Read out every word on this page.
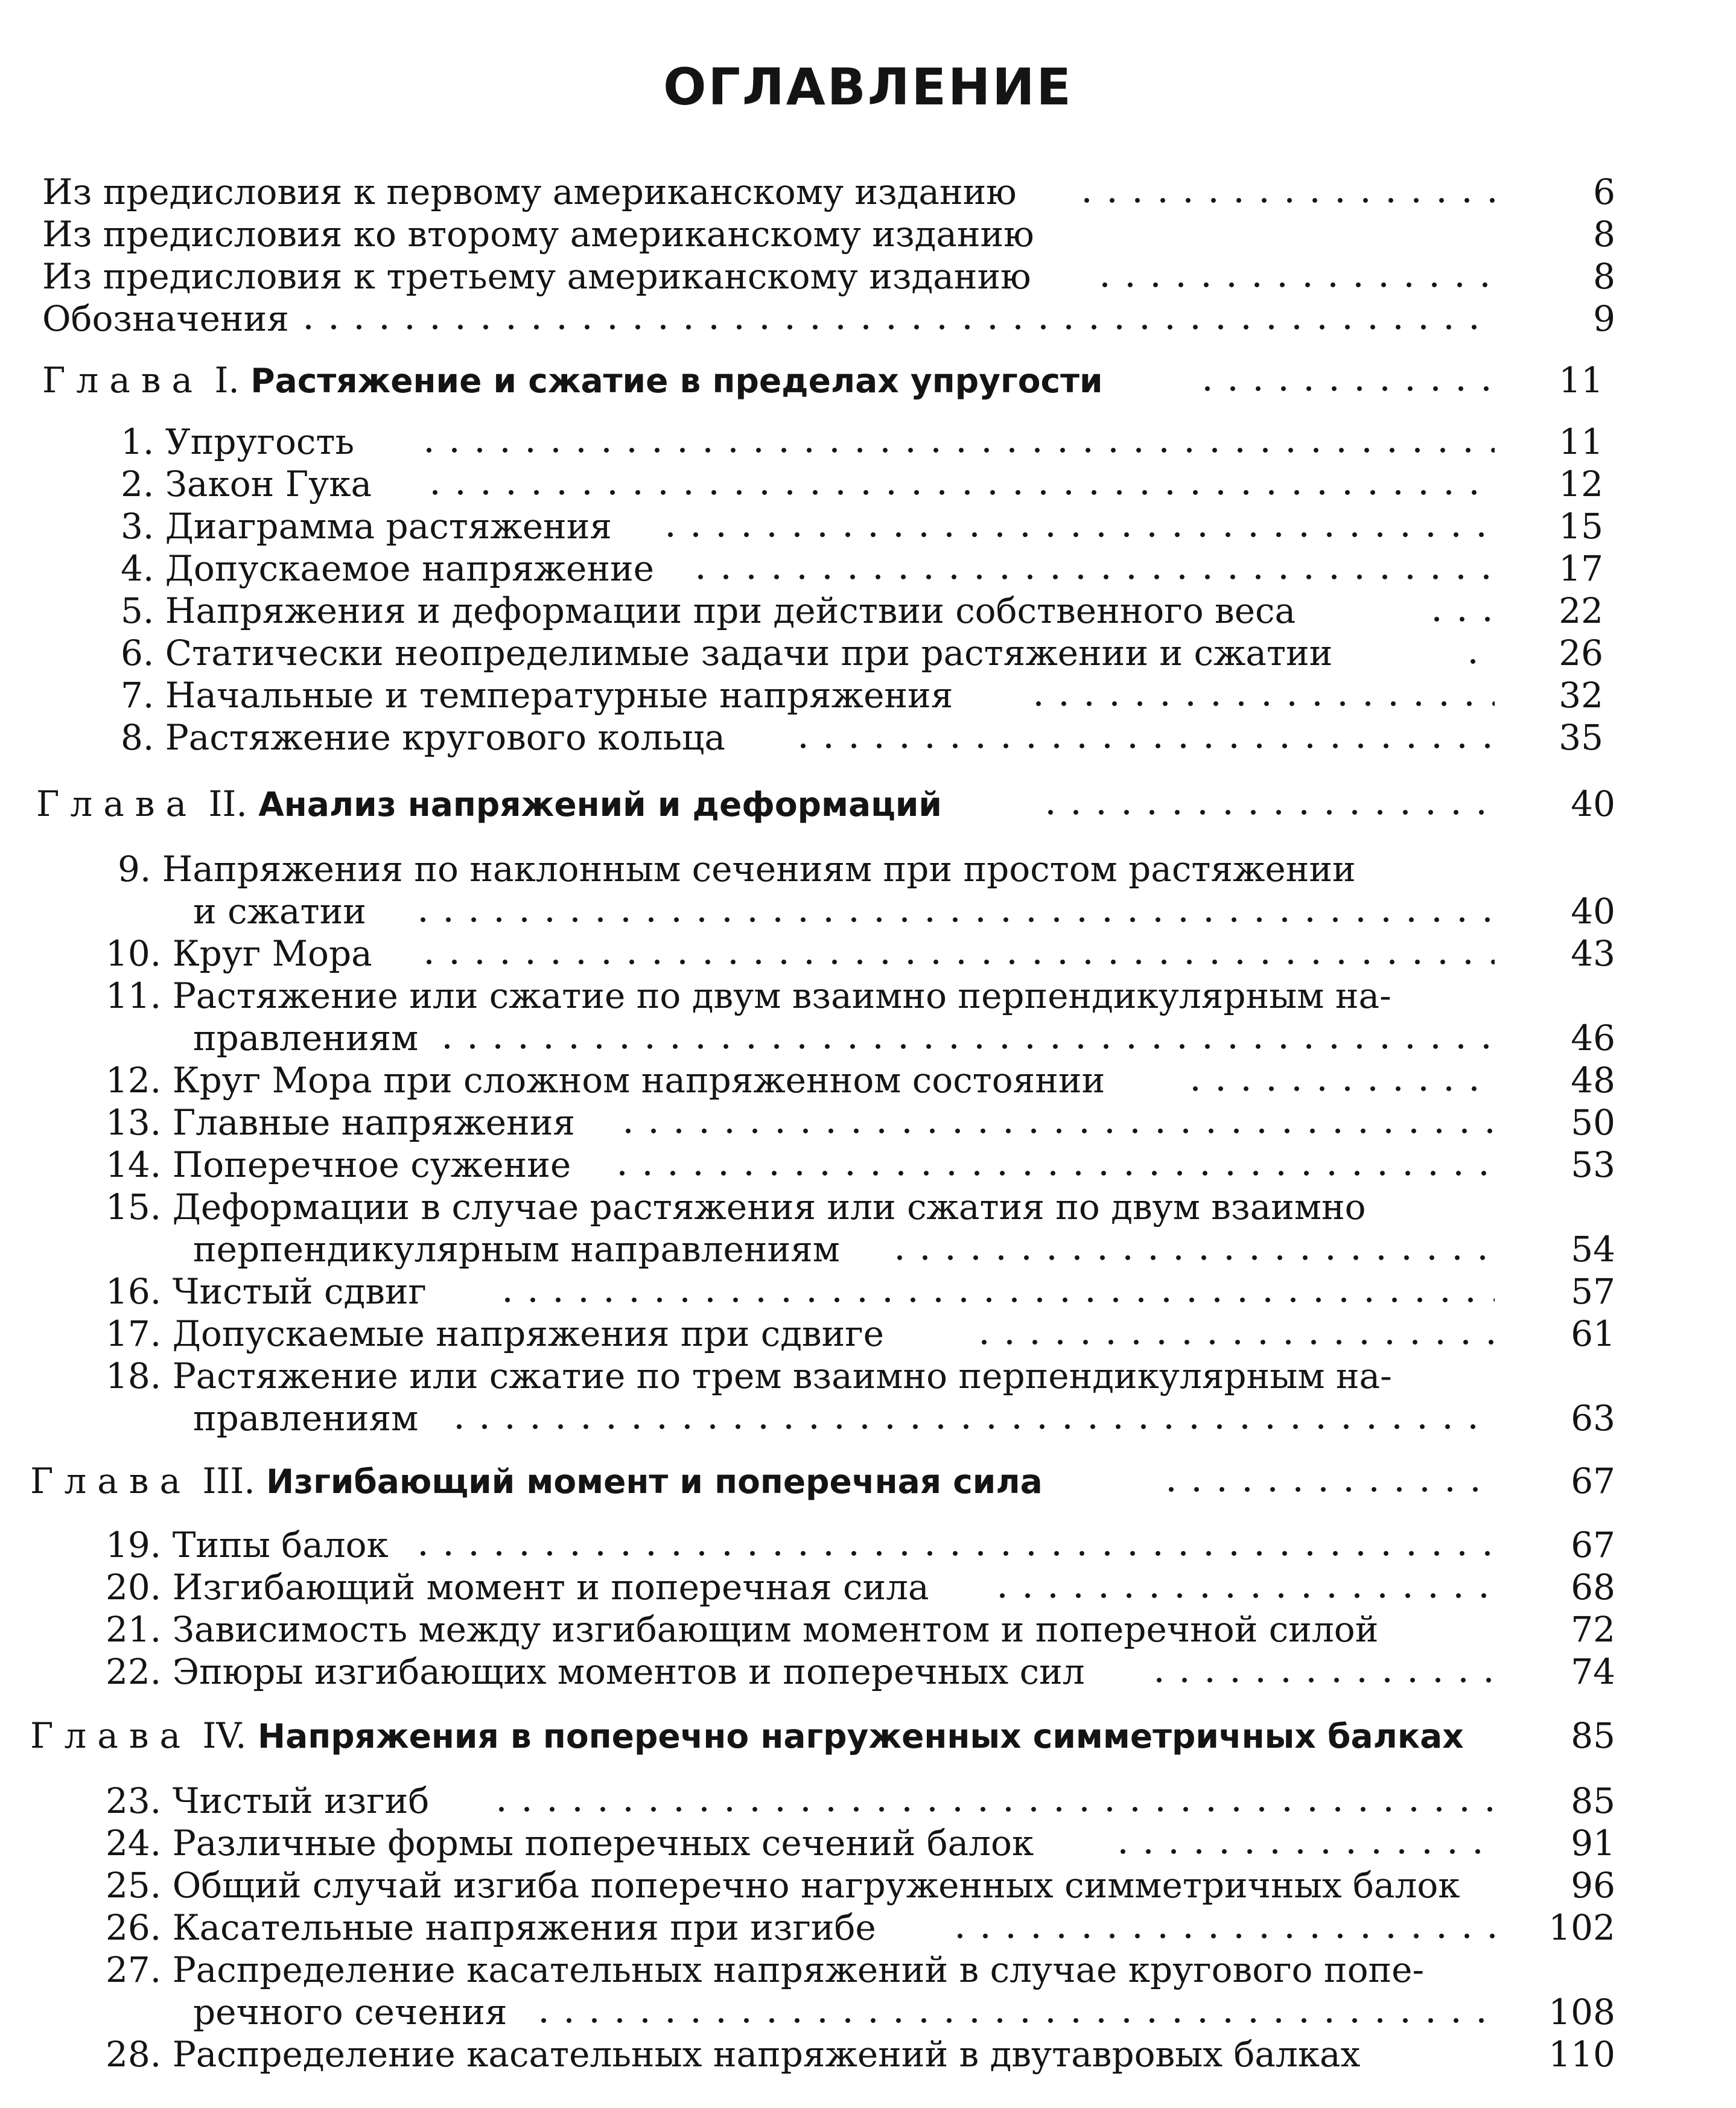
ОГЛАВЛЕНИЕ
Из предисловия к первому американскому изданию	6
Из предисловия ко второму американскому изданию	8
Из предисловия к третьему американскому изданию	8
Обозначения	9
Глава I. Растяжение и сжатие в пределах упругости	11
1. Упругость	11
2. Закон Гука	12
3. Диаграмма растяжения	15
4. Допускаемое напряжение	17
5. Напряжения и деформации при действии собственного веса	22
6. Статически неопределимые задачи при растяжении и сжатии	26
7. Начальные и температурные напряжения	32
8. Растяжение кругового кольца	35
Глава II. Анализ напряжений и деформаций	40
9. Напряжения по наклонным сечениям при простом растяжении
и сжатии	40
10. Круг Мора	43
11. Растяжение или сжатие по двум взаимно перпендикулярным на-
правлениям	46
12. Круг Мора при сложном напряженном состоянии	48
13. Главные напряжения	50
14. Поперечное сужение	53
15. Деформации в случае растяжения или сжатия по двум взаимно
перпендикулярным направлениям	54
16. Чистый сдвиг	57
17. Допускаемые напряжения при сдвиге	61
18. Растяжение или сжатие по трем взаимно перпендикулярным на-
правлениям	63
Глава III. Изгибающий момент и поперечная сила	67
19. Типы балок	67
20. Изгибающий момент и поперечная сила	68
21. Зависимость между изгибающим моментом и поперечной силой	72
22. Эпюры изгибающих моментов и поперечных сил	74
Глава IV. Напряжения в поперечно нагруженных симметричных балках	85
23. Чистый изгиб	85
24. Различные формы поперечных сечений балок	91
25. Общий случай изгиба поперечно нагруженных симметричных балок	96
26. Касательные напряжения при изгибе	102
27. Распределение касательных напряжений в случае кругового попе-
речного сечения	108
28. Распределение касательных напряжений в двутавровых балках	110
